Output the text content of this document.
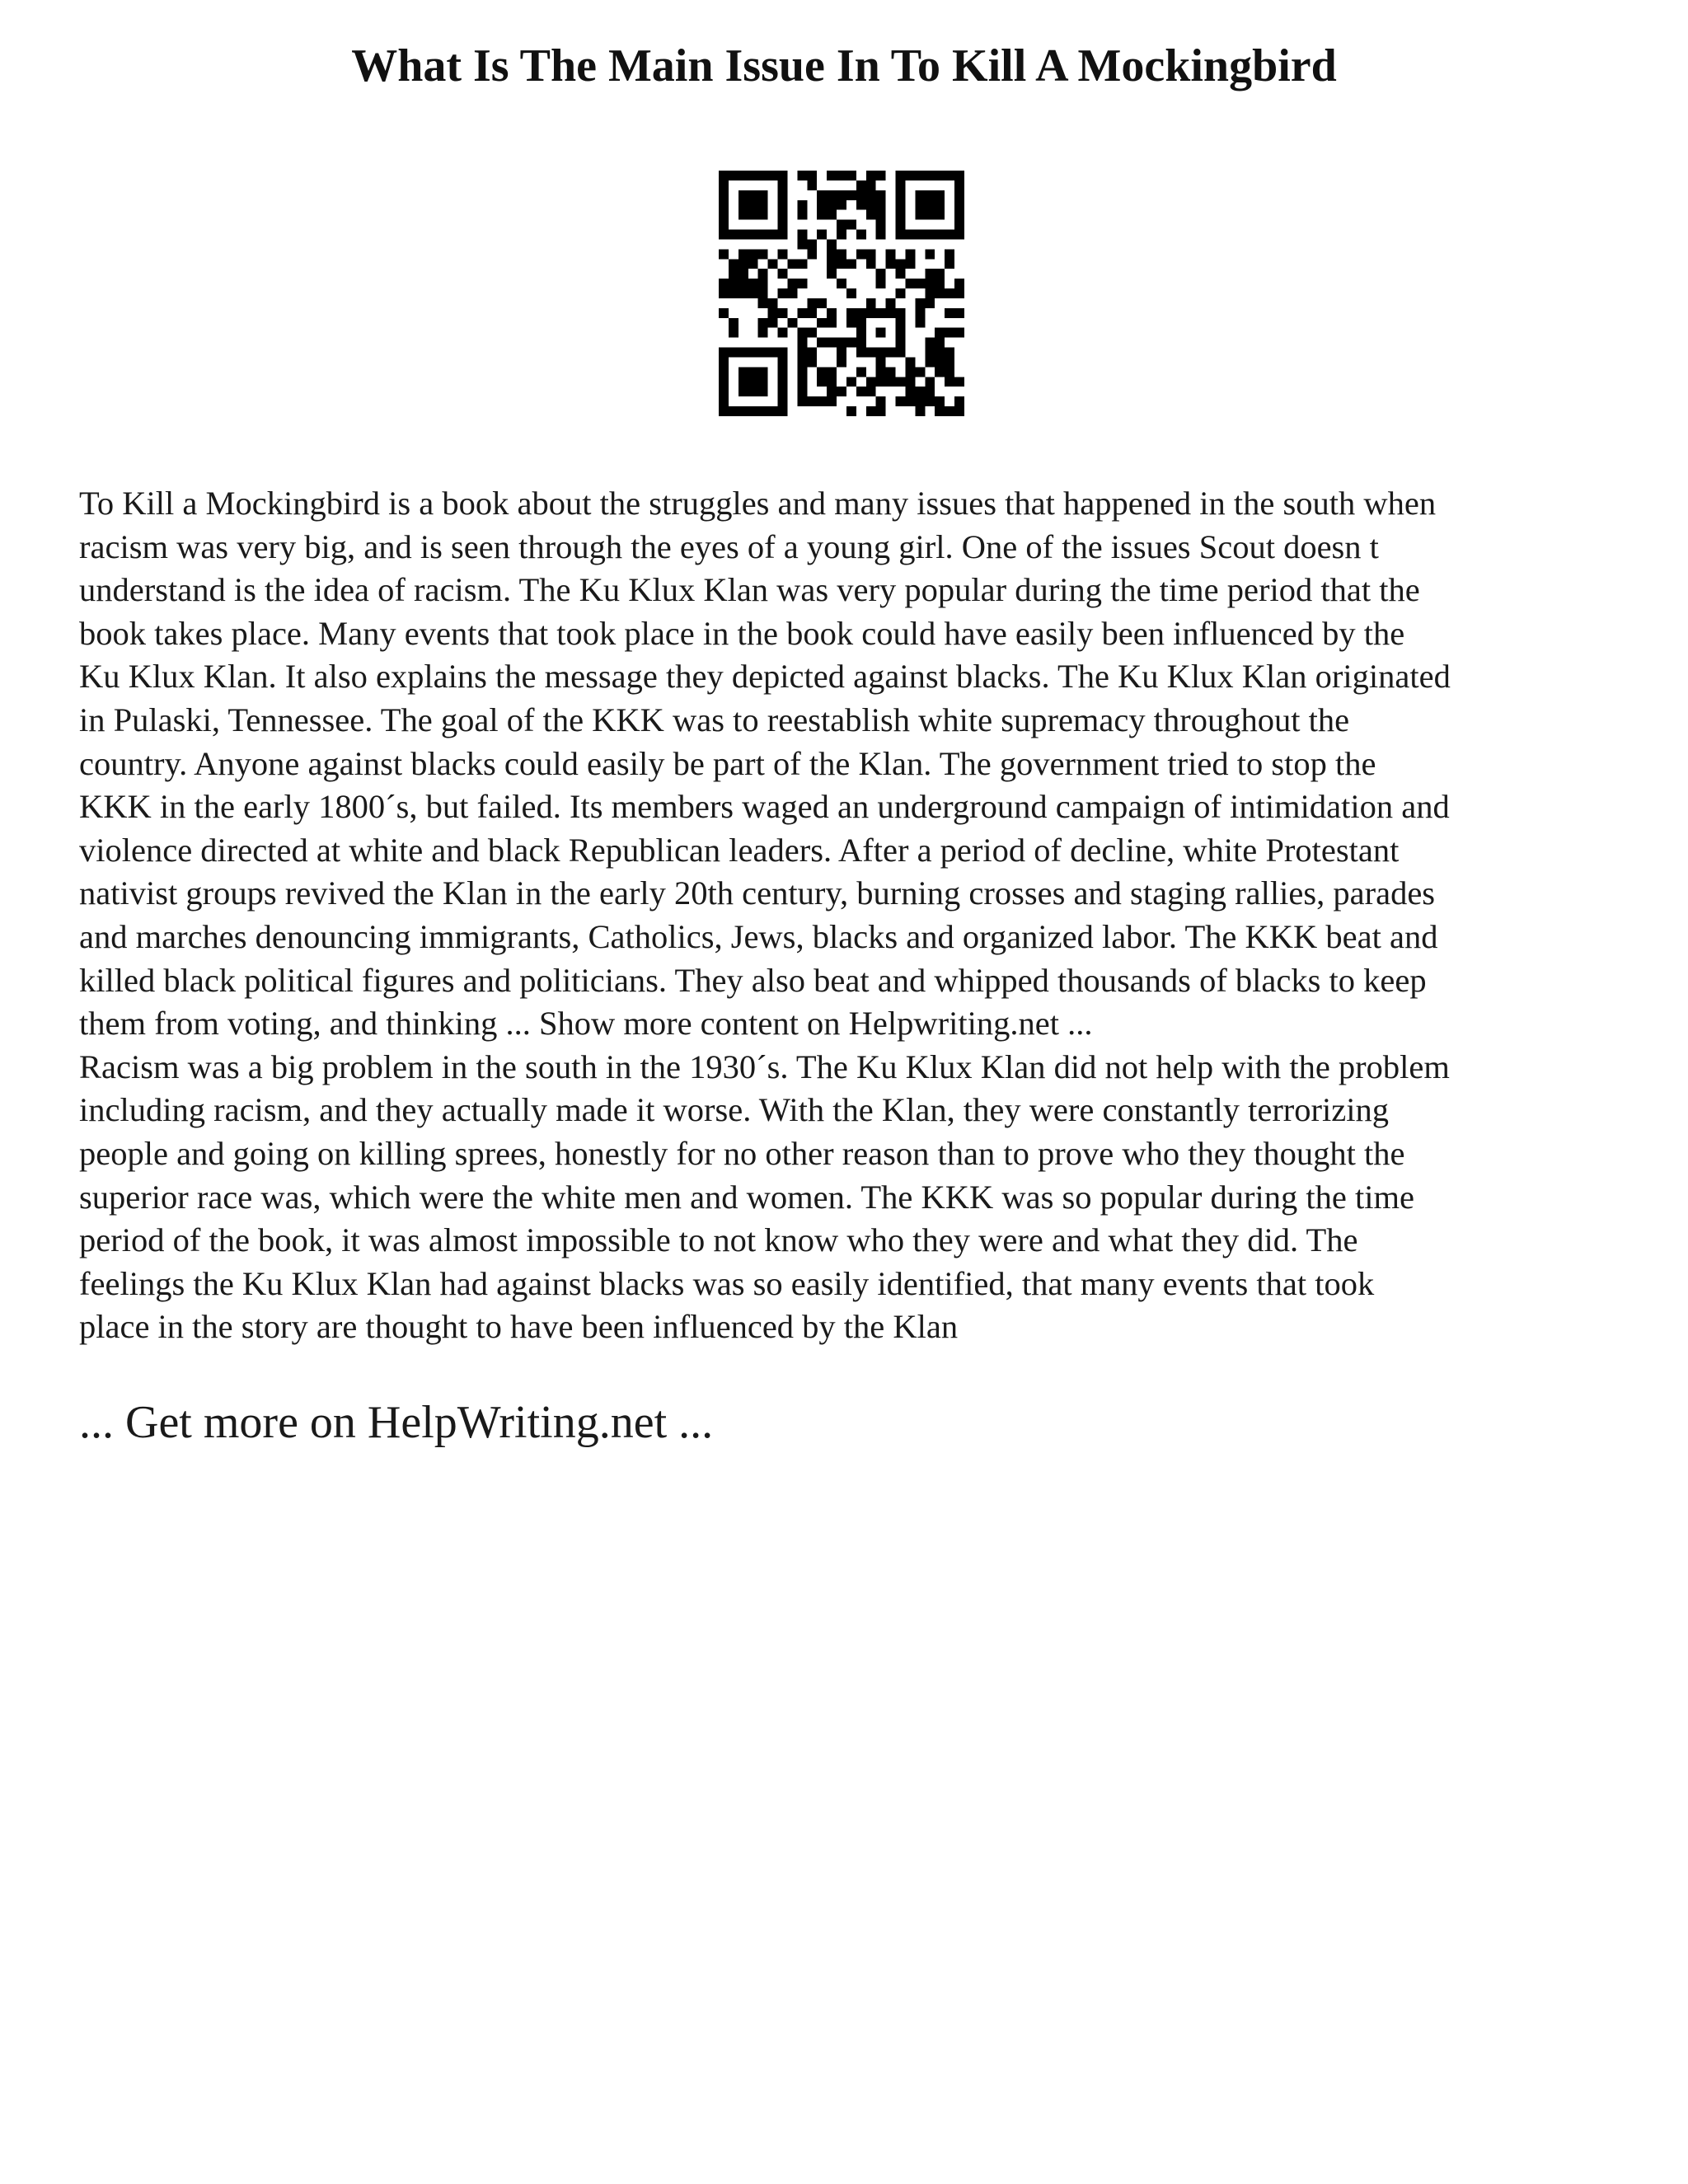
What Is The Main Issue In To Kill A Mockingbird

To Kill a Mockingbird is a book about the struggles and many issues that happened in the south when

racism was very big, and is seen through the eyes of a young girl. One of the issues Scout doesn t

understand is the idea of racism. The Ku Klux Klan was very popular during the time period that the

book takes place. Many events that took place in the book could have easily been influenced by the

Ku Klux Klan. It also explains the message they depicted against blacks. The Ku Klux Klan originated

in Pulaski, Tennessee. The goal of the KKK was to reestablish white supremacy throughout the

country. Anyone against blacks could easily be part of the Klan. The government tried to stop the

KKK in the early 1800´s, but failed. Its members waged an underground campaign of intimidation and

violence directed at white and black Republican leaders. After a period of decline, white Protestant

nativist groups revived the Klan in the early 20th century, burning crosses and staging rallies, parades

and marches denouncing immigrants, Catholics, Jews, blacks and organized labor. The KKK beat and

killed black political figures and politicians. They also beat and whipped thousands of blacks to keep

them from voting, and thinking ... Show more content on Helpwriting.net ...

Racism was a big problem in the south in the 1930´s. The Ku Klux Klan did not help with the problem

including racism, and they actually made it worse. With the Klan, they were constantly terrorizing

people and going on killing sprees, honestly for no other reason than to prove who they thought the

superior race was, which were the white men and women. The KKK was so popular during the time

period of the book, it was almost impossible to not know who they were and what they did. The

feelings the Ku Klux Klan had against blacks was so easily identified, that many events that took

place in the story are thought to have been influenced by the Klan

... Get more on HelpWriting.net ...
